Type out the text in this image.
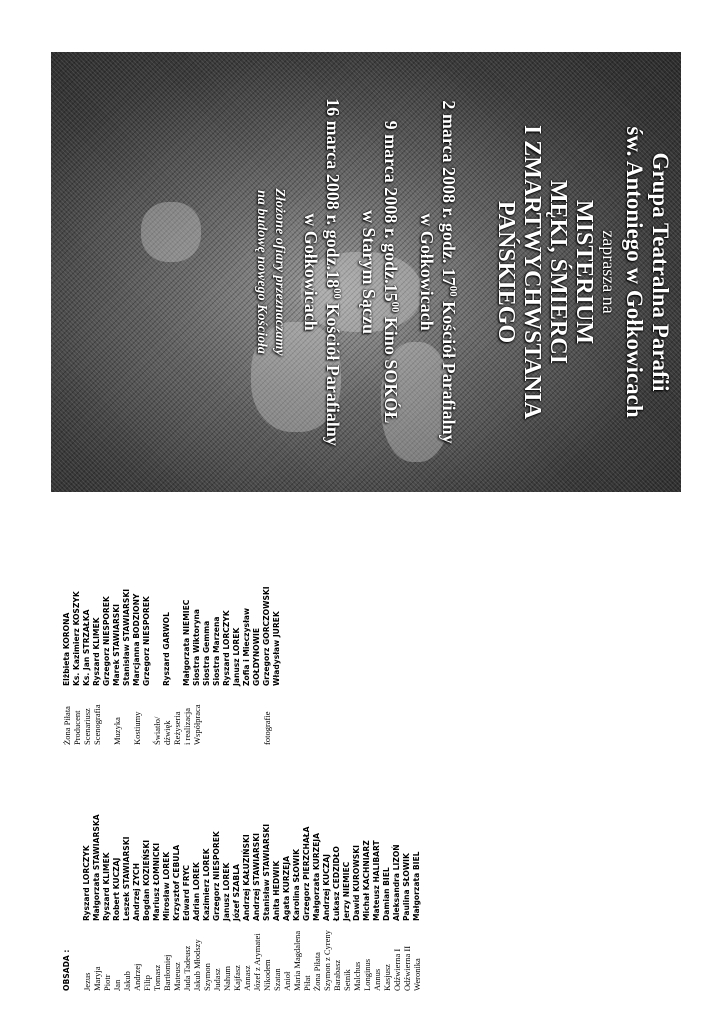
Grupa Teatralna Parafii
św. Antoniego w Gołkowicach
zaprasza na
MISTERIUM
MĘKI, ŚMIERCI
I ZMARTWYCHWSTANIA
PAŃSKIEGO
2 marca 2008 r. godz. $17^{00}$ Kościół Parafialny
w Gołkowicach
9 marca 2008 r. $godz.15^{00}$ Kino SOKÓŁ
w Starym Sączu
16 marca 2008 r. $godz.18^{00}$ Kościół Parafialny
w Gołkowicach
Złożone ofiary przeznaczamy
na budowę nowego Kościoła
OBSADA : Jezus Maryja Piotr Jan Jakub Andrzej Filip Tomasz Bartłomiej Mateusz Juda Tadeusz Jakub Młodszy Szymon Judasz Nahum Kajfasz Annasz Józef z Arymatei Nikodem Szatan Anioł Maria Magdalena Piłat Żona Piłata Szymon z Cyreny Barabasz Setnik Malchus Longinus Annus Kasjusz Odźwierna I Odźwierna II Weronika
Ryszard LORCZYK Małgorzata STAWIARSKA Ryszard KLIMEK Robert KUCZAJ Leszek STAWIARSKI Andrzej ZYCH Bogdan KOZIEŃSKI Mariusz ŁOMNICKI Mirosław LOREK Krzysztof CEBULA Edward FRYC Adrian LOREK Kazimierz LOREK Grzegorz NIESPOREK Janusz LOREK Józef SZABLA Andrzej KAŁUZIŃSKI Andrzej STAWIARSKI Stanisław STAWIARSKI Anita HEDWIK Agata KURZEJA Karolina SŁOWIK Grzegorz PIERZCHAŁA Małgorzata KURZEJA Andrzej KUCZAJ Łukasz CEDZIDŁO Jerzy NIEMIEC Dawid KUROWSKI Michał KACHNIARZ Mateusz HALIBART Damian BIEL Aleksandra LIZOŃ Paulina SŁOWIK Małgorzata BIEL
Żona Piłata Producent Scenariusz Scenografia Muzyka Kostiumy Światło/ dźwięk Reżyseria i realizacja Współpraca	fotografie
Elżbieta KORONA Ks. Kazimierz KOSZYK Ks. Jan STRZAŁKA Ryszard KLIMEK Grzegorz NIESPOREK Marek STAWIARSKI Stanisław STAWIARSKI Marcjanna BODZIONY Grzegorz NIESPOREK Ryszard GARWOL Małgorzata NIEMIEC Siostra Wiktoryna Siostra Gemma Siostra Marzena Ryszard LORCZYK Janusz LOREK Zofia i Mieczysław GOŁDYNOWIE Grzegorz GORCZOWSKI Władysław JUREK
